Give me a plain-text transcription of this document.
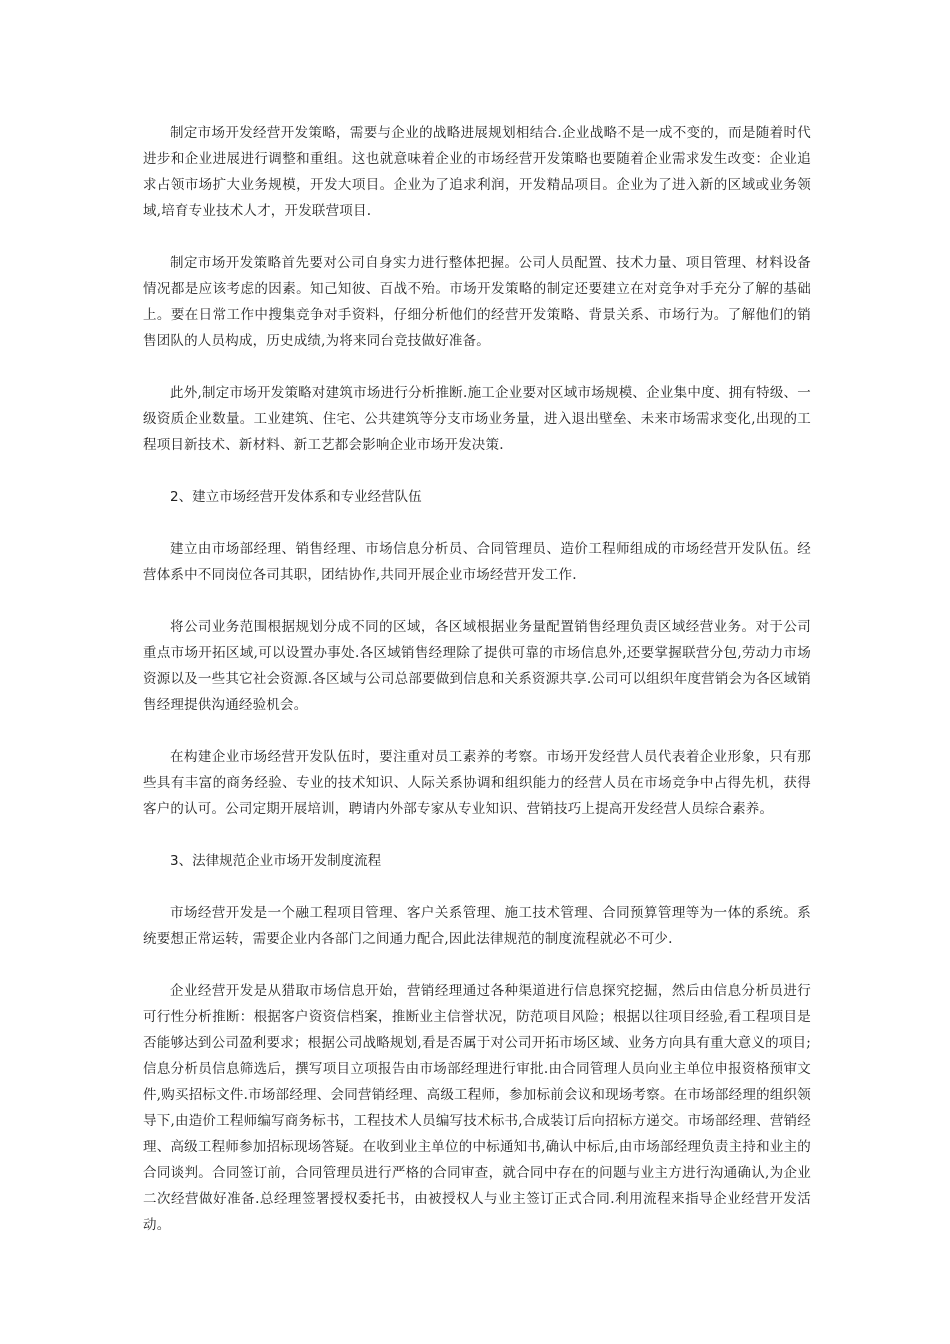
制定市场开发经营开发策略，需要与企业的战略进展规划相结合.企业战略不是一成不变的，而是随着时代进步和企业进展进行调整和重组。这也就意味着企业的市场经营开发策略也要随着企业需求发生改变：企业追求占领市场扩大业务规模，开发大项目。企业为了追求利润，开发精品项目。企业为了进入新的区域或业务领域,培育专业技术人才，开发联营项目.

制定市场开发策略首先要对公司自身实力进行整体把握。公司人员配置、技术力量、项目管理、材料设备情况都是应该考虑的因素。知己知彼、百战不殆。市场开发策略的制定还要建立在对竞争对手充分了解的基础上。要在日常工作中搜集竞争对手资料，仔细分析他们的经营开发策略、背景关系、市场行为。了解他们的销售团队的人员构成，历史成绩,为将来同台竞技做好准备。

此外,制定市场开发策略对建筑市场进行分析推断.施工企业要对区域市场规模、企业集中度、拥有特级、一级资质企业数量。工业建筑、住宅、公共建筑等分支市场业务量，进入退出壁垒、未来市场需求变化,出现的工程项目新技术、新材料、新工艺都会影响企业市场开发决策.

2、建立市场经营开发体系和专业经营队伍

建立由市场部经理、销售经理、市场信息分析员、合同管理员、造价工程师组成的市场经营开发队伍。经营体系中不同岗位各司其职，团结协作,共同开展企业市场经营开发工作.

将公司业务范围根据规划分成不同的区域，各区域根据业务量配置销售经理负责区域经营业务。对于公司重点市场开拓区域,可以设置办事处.各区域销售经理除了提供可靠的市场信息外,还要掌握联营分包,劳动力市场资源以及一些其它社会资源.各区域与公司总部要做到信息和关系资源共享.公司可以组织年度营销会为各区域销售经理提供沟通经验机会。

在构建企业市场经营开发队伍时，要注重对员工素养的考察。市场开发经营人员代表着企业形象，只有那些具有丰富的商务经验、专业的技术知识、人际关系协调和组织能力的经营人员在市场竞争中占得先机，获得客户的认可。公司定期开展培训，聘请内外部专家从专业知识、营销技巧上提高开发经营人员综合素养。

3、法律规范企业市场开发制度流程

市场经营开发是一个融工程项目管理、客户关系管理、施工技术管理、合同预算管理等为一体的系统。系统要想正常运转，需要企业内各部门之间通力配合,因此法律规范的制度流程就必不可少.

企业经营开发是从猎取市场信息开始，营销经理通过各种渠道进行信息探究挖掘，然后由信息分析员进行可行性分析推断：根据客户资资信档案，推断业主信誉状况，防范项目风险；根据以往项目经验,看工程项目是否能够达到公司盈利要求；根据公司战略规划,看是否属于对公司开拓市场区域、业务方向具有重大意义的项目;信息分析员信息筛选后，撰写项目立项报告由市场部经理进行审批.由合同管理人员向业主单位申报资格预审文件,购买招标文件.市场部经理、会同营销经理、高级工程师，参加标前会议和现场考察。在市场部经理的组织领导下,由造价工程师编写商务标书，工程技术人员编写技术标书,合成装订后向招标方递交。市场部经理、营销经理、高级工程师参加招标现场答疑。在收到业主单位的中标通知书,确认中标后,由市场部经理负责主持和业主的合同谈判。合同签订前，合同管理员进行严格的合同审查，就合同中存在的问题与业主方进行沟通确认,为企业二次经营做好准备.总经理签署授权委托书，由被授权人与业主签订正式合同.利用流程来指导企业经营开发活动。
